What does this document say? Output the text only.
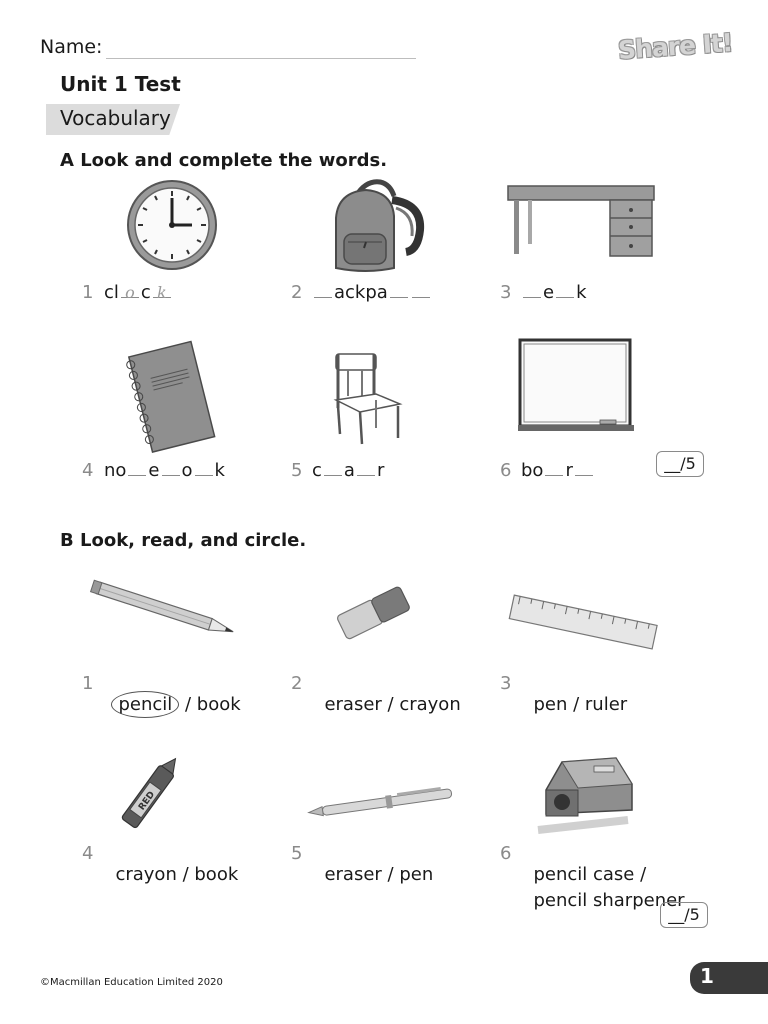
Name:	Share It!
Unit 1 Test
Vocabulary
A Look and complete the words.
1 cl o c k	2 ackpa	3 e k
4 no e o k	5 c a r	6 bo r	__/5
B Look, read, and circle.
1

pencil / book

2

eraser / crayon

3

pen / ruler

RED
4

crayon / book

5

eraser / pen

6

pencil case /

pencil sharpener

__/5
©Macmillan Education Limited 2020	1
